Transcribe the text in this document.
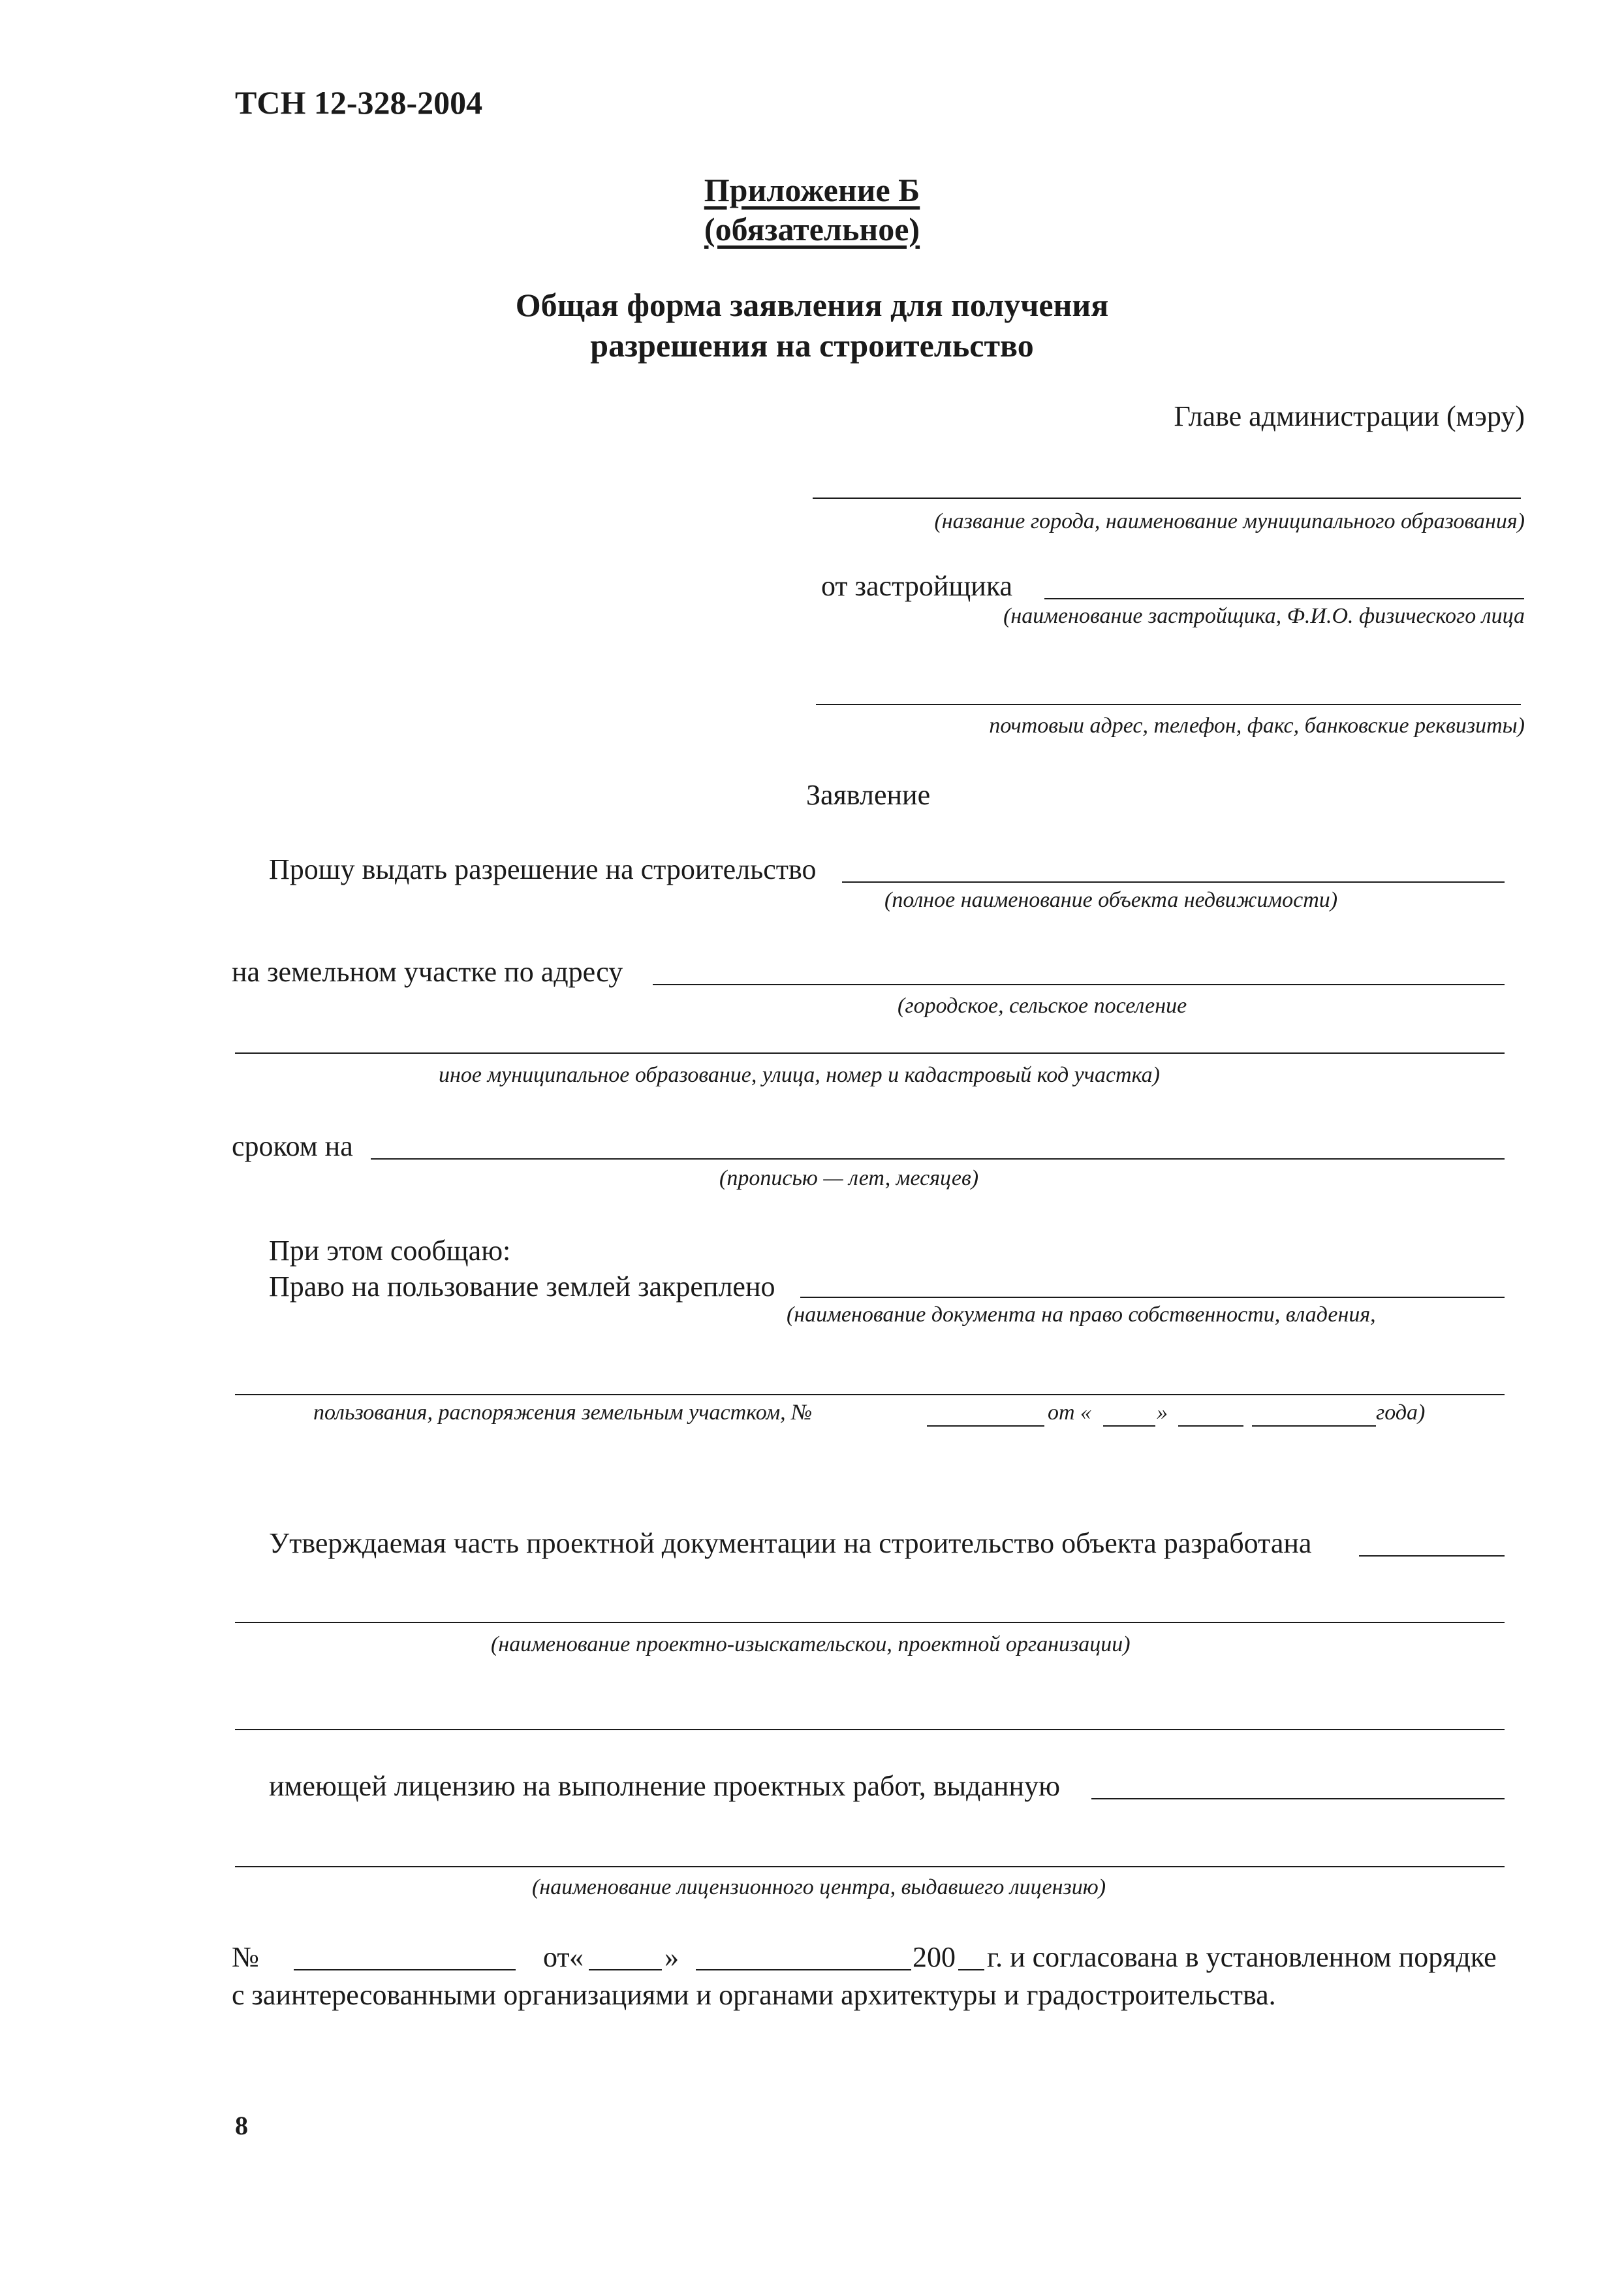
ТСН 12-328-2004
Приложение Б
(обязательное)
Общая форма заявления для получения
разрешения на строительство
Главе администрации (мэру)
(название города, наименование муниципального образования)
от застройщика
(наименование застройщика, Ф.И.О. физического лица
почтовыи адрес, телефон, факс, банковские реквизиты)
Заявление
Прошу выдать разрешение на строительство
(полное наименование объекта недвижимости)
на земельном участке по адресу
(городское, сельское поселение
иное муниципальное образование, улица, номер и кадастровый код участка)
сроком на
(прописью — лет, месяцев)
При этом сообщаю:
Право на пользование землей закреплено
(наименование документа на право собственности, владения,
пользования, распоряжения земельным участком, №	от «	»	года)
Утверждаемая часть проектной документации на строительство объекта разработана
(наименование проектно-изыскательскои, проектной организации)
имеющей лицензию на выполнение проектных работ, выданную
(наименование лицензионного центра, выдавшего лицензию)
№	от «	»	200 г. и согласована в установленном порядке
с заинтересованными организациями и органами архитектуры и градостроительства.
8
